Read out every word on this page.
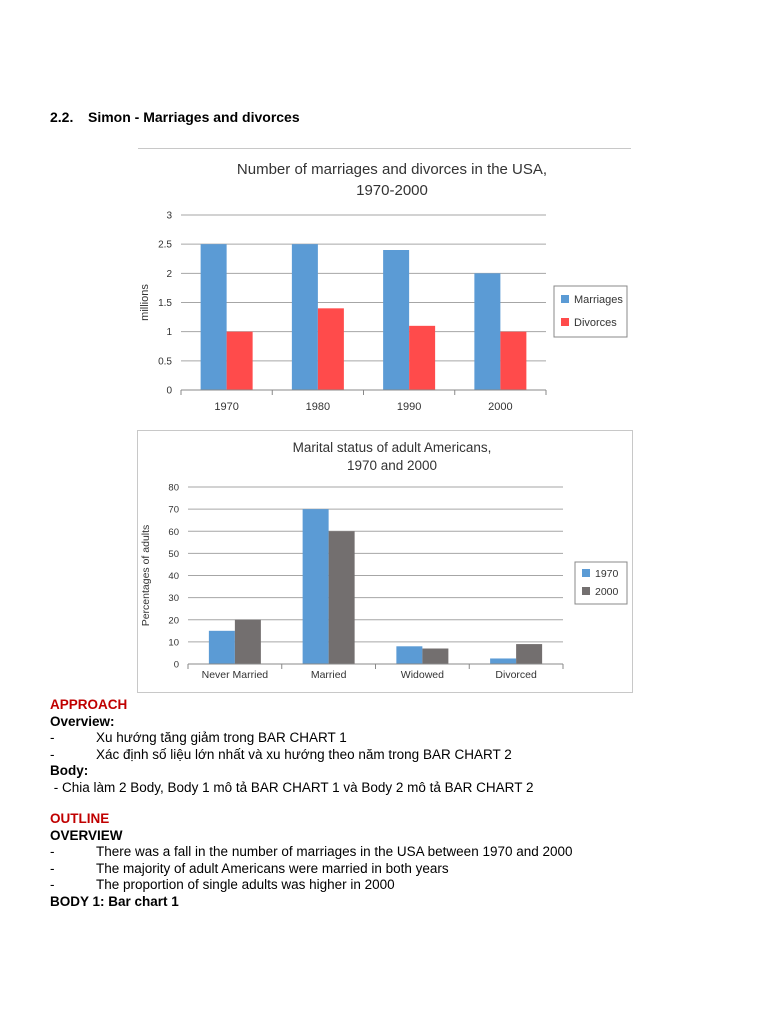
2.2. Simon - Marriages and divorces
Number of marriages and divorces in the USA,
1970-2000
0
0.5
1
1.5
2
2.5
3
millions
1970	1980	1990	2000
Marriages
Divorces
Marital status of adult Americans,
1970 and 2000
0
10
20
30
40
50
60
70
80
Percentages of adults
Never Married	Married	Widowed	Divorced
1970
2000
APPROACH
Overview:
-	Xu hướng tăng giảm trong BAR CHART 1
-	Xác định số liệu lớn nhất và xu hướng theo năm trong BAR CHART 2
Body:
- Chia làm 2 Body, Body 1 mô tả BAR CHART 1 và Body 2 mô tả BAR CHART 2
OUTLINE
OVERVIEW
-	There was a fall in the number of marriages in the USA between 1970 and 2000
-	The majority of adult Americans were married in both years
-	The proportion of single adults was higher in 2000
BODY 1: Bar chart 1
